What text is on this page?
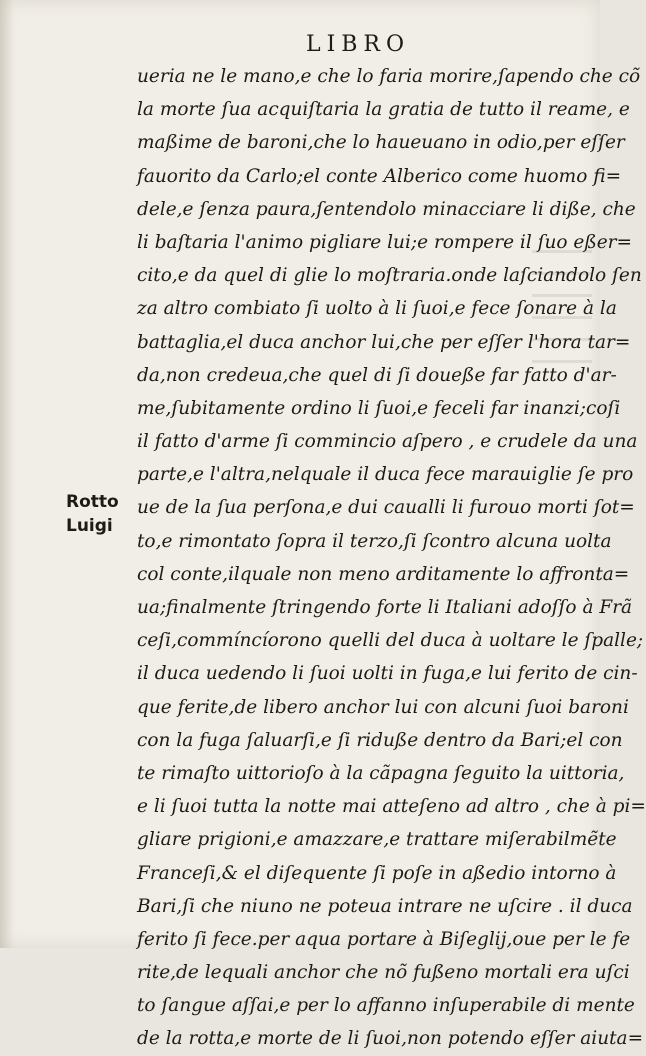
LIBRO
Rotto
Luigi
ueria ne le mano,e che lo faria morire,ſapendo che cõ
la morte ſua acquiſtaria la gratia de tutto il reame, e
maßime de baroni,che lo haueuano in odio,per eſſer
fauorito da Carlo;el conte Alberico come huomo fi=
dele,e ſenza paura,ſentendolo minacciare li diße, che
li baſtaria l'animo pigliare lui;e rompere il ſuo eßer=
cito,e da quel di glie lo moſtraria.onde laſciandolo ſen
za altro combiato ſi uolto à li ſuoi,e fece ſonare à la
battaglia,el duca anchor lui,che per eſſer l'hora tar=
da,non credeua,che quel di ſi doueße far fatto d'ar-
me,ſubitamente ordino li ſuoi,e feceli far inanzi;coſi
il fatto d'arme ſi commincio aſpero , e crudele da una
parte,e l'altra,nelquale il duca fece marauiglie ſe pro
ue de la ſua perſona,e dui caualli li furouo morti ſot=
to,e rimontato ſopra il terzo,ſi ſcontro alcuna uolta
col conte,ilquale non meno arditamente lo affronta=
ua;finalmente ſtringendo forte li Italiani adoſſo à Frã
ceſi,commíncíorono quelli del duca à uoltare le ſpalle;
il duca uedendo li ſuoi uolti in fuga,e lui ferito de cin-
que ferite,de libero anchor lui con alcuni ſuoi baroni
con la fuga ſaluarſi,e ſi riduße dentro da Bari;el con
te rimaſto uittorioſo à la cãpagna ſeguito la uittoria,
e li ſuoi tutta la notte mai atteſeno ad altro , che à pi=
gliare prigioni,e amazzare,e trattare miſerabilmẽte
Franceſi,& el diſequente ſi poſe in aßedio intorno à
Bari,ſi che niuno ne poteua intrare ne uſcire . il duca
ferito ſi fece.per aqua portare à Biſeglij,oue per le fe
rite,de lequali anchor che nõ fußeno mortali era uſci
to ſangue aſſai,e per lo affanno inſuperabile di mente
de la rotta,e morte de li ſuoi,non potendo eſſer aiuta=
